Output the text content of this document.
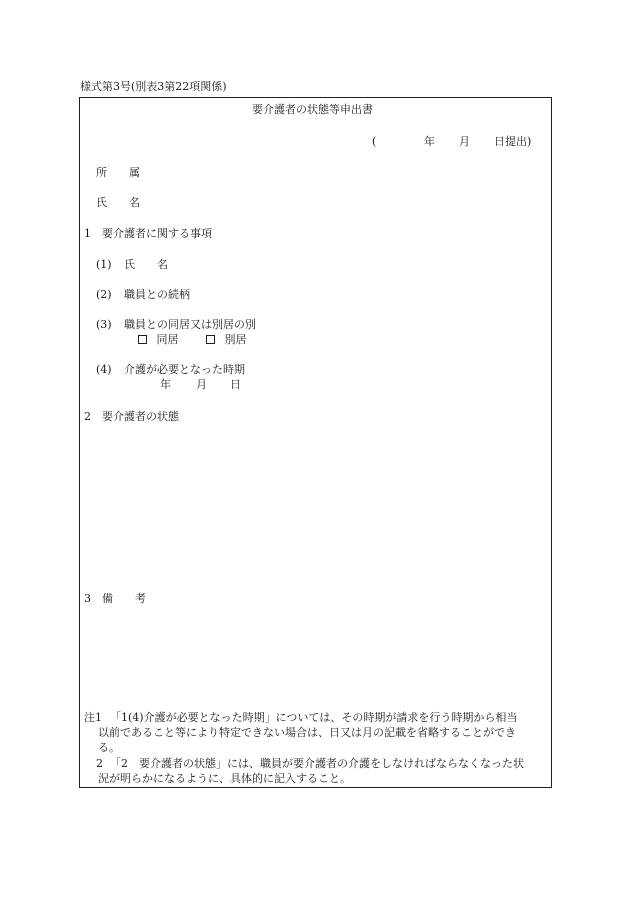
様式第3号(別表3第22項関係)
要介護者の状態等申出書
(	年 月 日提出)
所　　属
氏　　名
1　要介護者に関する事項
(1) 氏　　名
(2) 職員との続柄
(3) 職員との同居又は別居の別
同居	別居
(4) 介護が必要となった時期
年 月 日
2　要介護者の状態
3　備　　考
注1 「1(4)介護が必要となった時期」については、その時期が請求を行う時期から相当
以前であること等により特定できない場合は、日又は月の記載を省略することができ
る。
2 「2　要介護者の状態」には、職員が要介護者の介護をしなければならなくなった状
況が明らかになるように、具体的に記入すること。
